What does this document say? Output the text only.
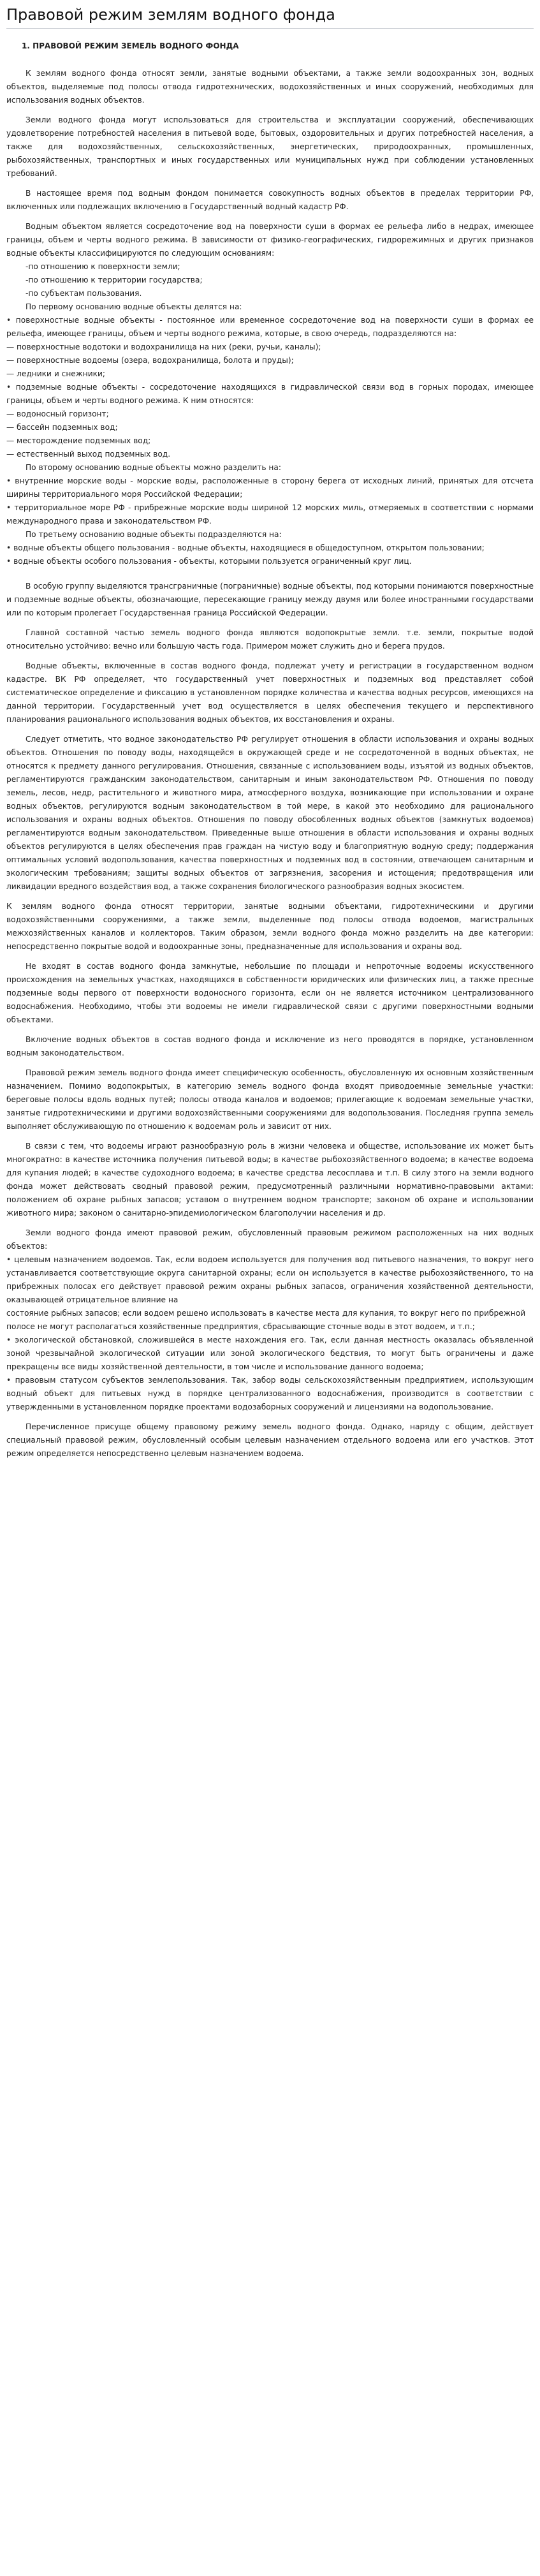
Правовой режим землям водного фонда
1. ПРАВОВОЙ РЕЖИМ ЗЕМЕЛЬ ВОДНОГО ФОНДА

К землям водного фонда относят земли, занятые водными объектами, а также земли водоохранных зон, водных объектов, выделяемые под полосы отвода гидротехнических, водохозяйственных и иных сооружений, необходимых для использования водных объектов.

Земли водного фонда могут использоваться для строительства и эксплуатации сооружений, обеспечивающих удовлетворение потребностей населения в питьевой воде, бытовых, оздоровительных и других потребностей населения, а также для водохозяйственных, сельскохозяйственных, энергетических, природоохранных, промышленных, рыбохозяйственных, транспортных и иных государственных или муниципальных нужд при соблюдении установленных требований.

В настоящее время под водным фондом понимается совокупность водных объектов в пределах территории РФ, включенных или подлежащих включению в Государственный водный кадастр РФ.

Водным объектом является сосредоточение вод на поверхности суши в формах ее рельефа либо в недрах, имеющее границы, объем и черты водного режима. В зависимости от физико-географических, гидрорежимных и других признаков водные объекты классифицируются по следующим основаниям:

-по отношению к поверхности земли;
-по отношению к территории государства;
-по субъектам пользования.
По первому основанию водные объекты делятся на:
• поверхностные водные объекты - постоянное или временное сосредоточение вод на поверхности суши в формах ее рельефа, имеющее границы, объем и черты водного режима, которые, в свою очередь, подразделяются на:
— поверхностные водотоки и водохранилища на них (реки, ручьи, каналы);
— поверхностные водоемы (озера, водохранилища, болота и пруды);
— ледники и снежники;
• подземные водные объекты - сосредоточение находящихся в гидравлической связи вод в горных породах, имеющее границы, объем и черты водного режима. К ним относятся:
— водоносный горизонт;
— бассейн подземных вод;
— месторождение подземных вод;
— естественный выход подземных вод.
По второму основанию водные объекты можно разделить на:
• внутренние морские воды - морские воды, расположенные в сторону берега от исходных линий, принятых для отсчета ширины территориального моря Российской Федерации;
• территориальное море РФ - прибрежные морские воды шириной 12 морских миль, отмеряемых в соответствии с нормами международного права и законодательством РФ.
По третьему основанию водные объекты подразделяются на:
• водные объекты общего пользования - водные объекты, находящиеся в общедоступном, открытом пользовании;
• водные объекты особого пользования - объекты, которыми пользуется ограниченный круг лиц.

В особую группу выделяются трансграничные (пограничные) водные объекты, под которыми понимаются поверхностные и подземные водные объекты, обозначающие, пересекающие границу между двумя или более иностранными государствами или по которым пролегает Государственная граница Российской Федерации.

Главной составной частью земель водного фонда являются водопокрытые земли. т.е. земли, покрытые водой относительно устойчиво: вечно или большую часть года. Примером может служить дно и берега прудов.

Водные объекты, включенные в состав водного фонда, подлежат учету и регистрации в государственном водном кадастре. ВК РФ определяет, что государственный учет поверхностных и подземных вод представляет собой систематическое определение и фиксацию в установленном порядке количества и качества водных ресурсов, имеющихся на данной территории. Государственный учет вод осуществляется в целях обеспечения текущего и перспективного планирования рационального использования водных объектов, их восстановления и охраны.

Следует отметить, что водное законодательство РФ регулирует отношения в области использования и охраны водных объектов. Отношения по поводу воды, находящейся в окружающей среде и не сосредоточенной в водных объектах, не относятся к предмету данного регулирования. Отношения, связанные с использованием воды, изъятой из водных объектов, регламентируются гражданским законодательством, санитарным и иным законодательством РФ. Отношения по поводу земель, лесов, недр, растительного и животного мира, атмосферного воздуха, возникающие при использовании и охране водных объектов, регулируются водным законодательством в той мере, в какой это необходимо для рационального использования и охраны водных объектов. Отношения по поводу обособленных водных объектов (замкнутых водоемов) регламентируются водным законодательством. Приведенные выше отношения в области использования и охраны водных объектов регулируются в целях обеспечения прав граждан на чистую воду и благоприятную водную среду; поддержания оптимальных условий водопользования, качества поверхностных и подземных вод в состоянии, отвечающем санитарным и экологическим требованиям; защиты водных объектов от загрязнения, засорения и истощения; предотвращения или ликвидации вредного воздействия вод, а также сохранения биологического разнообразия водных экосистем.

К землям водного фонда относят территории, занятые водными объектами, гидротехническими и другими водохозяйственными сооружениями, а также земли, выделенные под полосы отвода водоемов, магистральных межхозяйственных каналов и коллекторов. Таким образом, земли водного фонда можно разделить на две категории: непосредственно покрытые водой и водоохранные зоны, предназначенные для использования и охраны вод.

Не входят в состав водного фонда замкнутые, небольшие по площади и непроточные водоемы искусственного происхождения на земельных участках, находящихся в собственности юридических или физических лиц, а также пресные подземные воды первого от поверхности водоносного горизонта, если он не является источником централизованного водоснабжения. Необходимо, чтобы эти водоемы не имели гидравлической связи с другими поверхностными водными объектами.

Включение водных объектов в состав водного фонда и исключение из него проводятся в порядке, установленном водным законодательством.

Правовой режим земель водного фонда имеет специфическую особенность, обусловленную их основным хозяйственным назначением. Помимо водопокрытых, в категорию земель водного фонда входят приводоемные земельные участки: береговые полосы вдоль водных путей; полосы отвода каналов и водоемов; прилегающие к водоемам земельные участки, занятые гидротехническими и другими водохозяйственными сооружениями для водопользования. Последняя группа земель выполняет обслуживающую по отношению к водоемам роль и зависит от них.

В связи с тем, что водоемы играют разнообразную роль в жизни человека и обществе, использование их может быть многократно: в качестве источника получения питьевой воды; в качестве рыбохозяйственного водоема; в качестве водоема для купания людей; в качестве судоходного водоема; в качестве средства лесосплава и т.п. В силу этого на земли водного фонда может действовать сводный правовой режим, предусмотренный различными нормативно-правовыми актами: положением об охране рыбных запасов; уставом о внутреннем водном транспорте; законом об охране и использовании животного мира; законом о санитарно-эпидемиологическом благополучии населения и др.

Земли водного фонда имеют правовой режим, обусловленный правовым режимом расположенных на них водных объектов:

• целевым назначением водоемов. Так, если водоем используется для получения вод питьевого назначения, то вокруг него устанавливается соответствующие округа санитарной охраны; если он используется в качестве рыбохозяйственного, то на прибрежных полосах его действует правовой режим охраны рыбных запасов, ограничения хозяйственной деятельности, оказывающей отрицательное влияние на
состояние рыбных запасов; если водоем решено использовать в качестве места для купания, то вокруг него по прибрежной полосе не могут располагаться хозяйственные предприятия, сбрасывающие сточные воды в этот водоем, и т.п.;
• экологической обстановкой, сложившейся в месте нахождения его. Так, если данная местность оказалась объявленной зоной чрезвычайной экологической ситуации или зоной экологического бедствия, то могут быть ограничены и даже прекращены все виды хозяйственной деятельности, в том числе и использование данного водоема;
• правовым статусом субъектов землепользования. Так, забор воды сельскохозяйственным предприятием, использующим водный объект для питьевых нужд в порядке централизованного водоснабжения, производится в соответствии с утвержденными в установленном порядке проектами водозаборных сооружений и лицензиями на водопользование.

Перечисленное присуще общему правовому режиму земель водного фонда. Однако, наряду с общим, действует специальный правовой режим, обусловленный особым целевым назначением отдельного водоема или его участков. Этот режим определяется непосредственно целевым назначением водоема.
